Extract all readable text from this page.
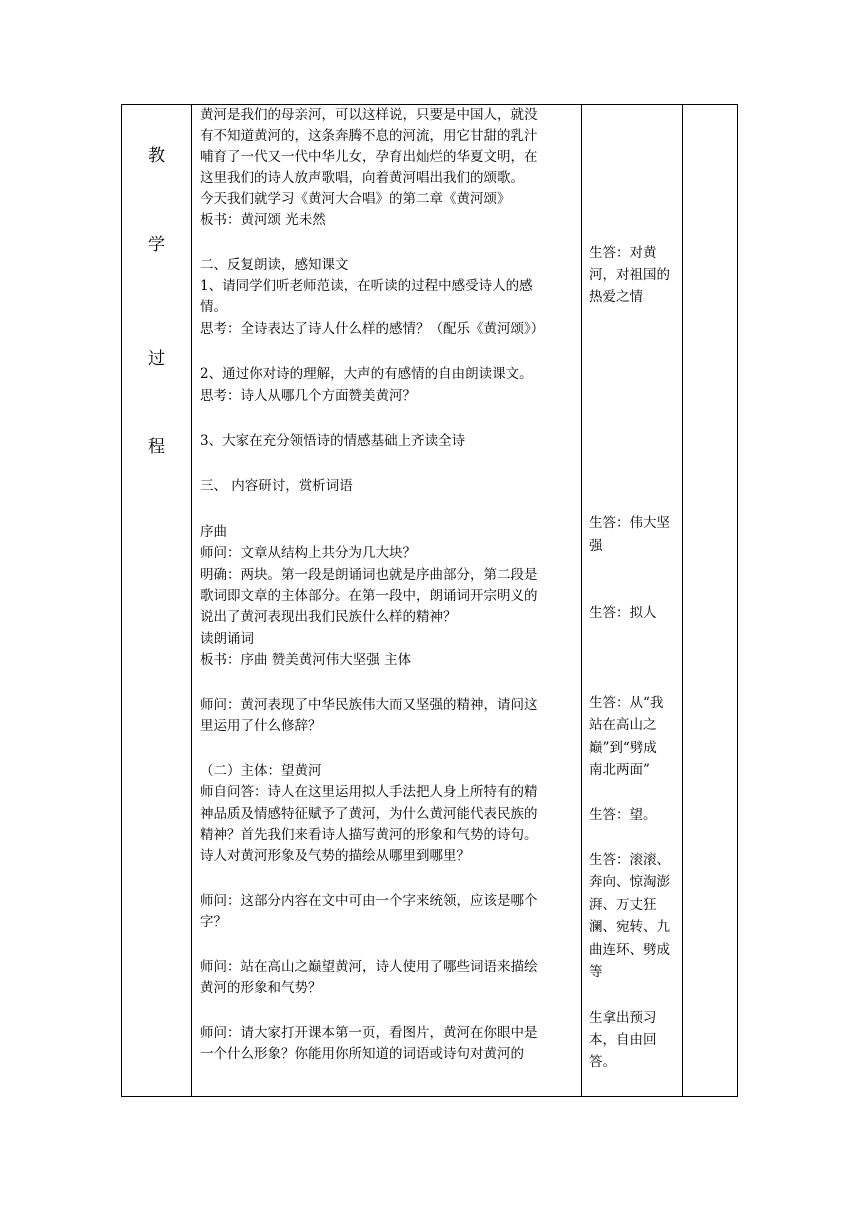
教
学
过
程

黄河是我们的母亲河，可以这样说，只要是中国人，就没

有不知道黄河的，这条奔腾不息的河流，用它甘甜的乳汁

哺育了一代又一代中华儿女，孕育出灿烂的华夏文明，在

这里我们的诗人放声歌唱，向着黄河唱出我们的颂歌。

今天我们就学习《黄河大合唱》的第二章《黄河颂》

板书：黄河颂 光未然

二、反复朗读，感知课文

1、请同学们听老师范读，在听读的过程中感受诗人的感

情。

思考：全诗表达了诗人什么样的感情？（配乐《黄河颂》）

2、通过你对诗的理解，大声的有感情的自由朗读课文。

思考：诗人从哪几个方面赞美黄河？

3、大家在充分领悟诗的情感基础上齐读全诗

三、 内容研讨，赏析词语

序曲

师问：文章从结构上共分为几大块？

明确：两块。第一段是朗诵词也就是序曲部分，第二段是

歌词即文章的主体部分。在第一段中，朗诵词开宗明义的

说出了黄河表现出我们民族什么样的精神？

读朗诵词

板书：序曲 赞美黄河伟大坚强 主体

师问：黄河表现了中华民族伟大而又坚强的精神，请问这

里运用了什么修辞？

（二）主体：望黄河

师自问答：诗人在这里运用拟人手法把人身上所特有的精

神品质及情感特征赋予了黄河，为什么黄河能代表民族的

精神？首先我们来看诗人描写黄河的形象和气势的诗句。

诗人对黄河形象及气势的描绘从哪里到哪里？

师问：这部分内容在文中可由一个字来统领，应该是哪个

字？

师问：站在高山之巅望黄河，诗人使用了哪些词语来描绘

黄河的形象和气势？

师问：请大家打开课本第一页，看图片，黄河在你眼中是

一个什么形象？你能用你所知道的词语或诗句对黄河的

生答：对黄

河，对祖国的

热爱之情

生答：伟大坚

强

生答：拟人

生答：从“我

站在高山之

巅”到“劈成

南北两面”

生答：望。

生答：滚滚、

奔向、惊淘澎

湃、万丈狂

澜、宛转、九

曲连环、劈成

等

生拿出预习

本，自由回

答。
